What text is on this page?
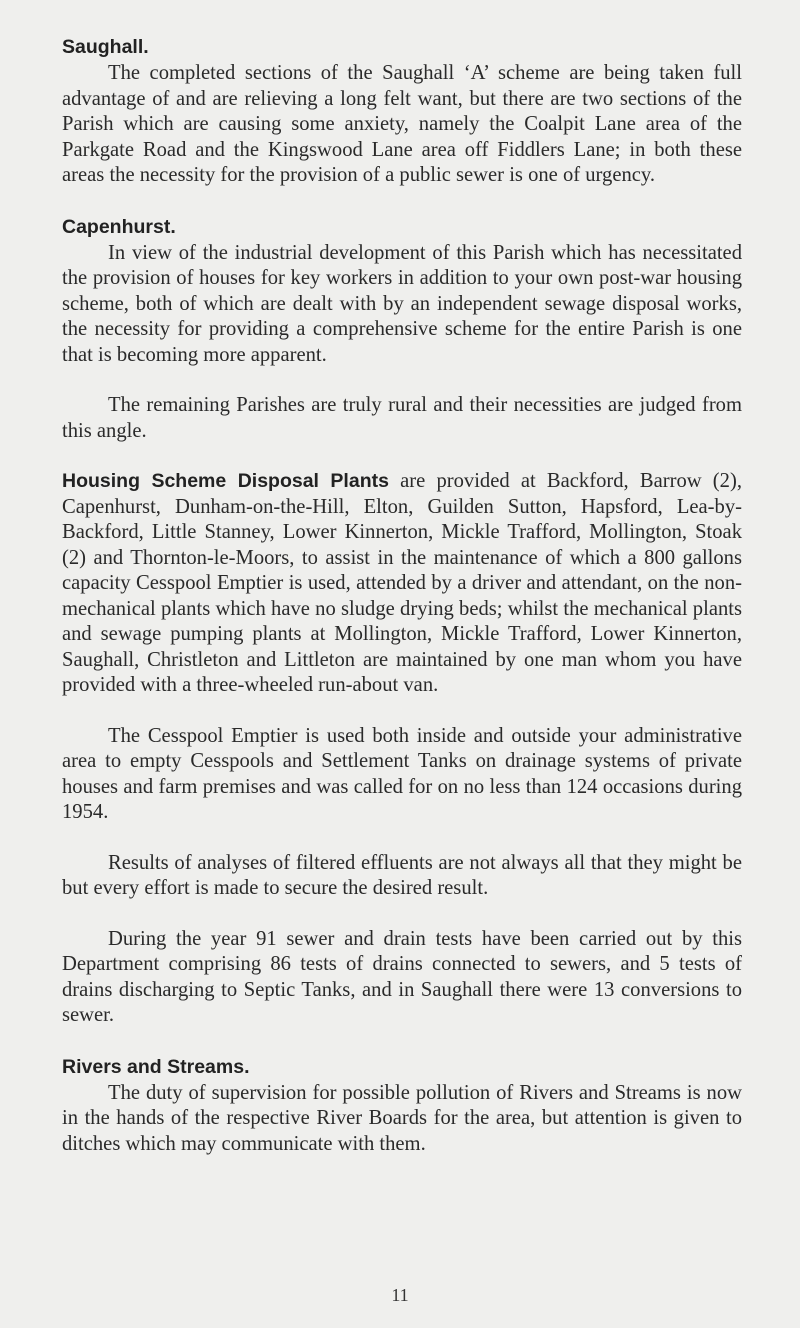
Saughall.

The completed sections of the Saughall ‘A’ scheme are being taken full advantage of and are relieving a long felt want, but there are two sections of the Parish which are causing some anxiety, namely the Coalpit Lane area of the Parkgate Road and the Kingswood Lane area off Fiddlers Lane; in both these areas the necessity for the provision of a public sewer is one of urgency.

Capenhurst.

In view of the industrial development of this Parish which has necessitated the provision of houses for key workers in addition to your own post-war housing scheme, both of which are dealt with by an independent sewage disposal works, the necessity for providing a comprehensive scheme for the entire Parish is one that is becoming more apparent.

The remaining Parishes are truly rural and their necessities are judged from this angle.

Housing Scheme Disposal Plants are provided at Backford, Barrow (2), Capenhurst, Dunham-on-the-Hill, Elton, Guilden Sutton, Hapsford, Lea-by-Backford, Little Stanney, Lower Kinnerton, Mickle Trafford, Mollington, Stoak (2) and Thornton-le-Moors, to assist in the maintenance of which a 800 gallons capacity Cesspool Emptier is used, attended by a driver and attendant, on the non-mechanical plants which have no sludge drying beds; whilst the mechanical plants and sewage pumping plants at Mollington, Mickle Trafford, Lower Kinnerton, Saughall, Christleton and Littleton are maintained by one man whom you have provided with a three-wheeled run-about van.

The Cesspool Emptier is used both inside and outside your administrative area to empty Cesspools and Settlement Tanks on drainage systems of private houses and farm premises and was called for on no less than 124 occasions during 1954.

Results of analyses of filtered effluents are not always all that they might be but every effort is made to secure the desired result.

During the year 91 sewer and drain tests have been carried out by this Department comprising 86 tests of drains connected to sewers, and 5 tests of drains discharging to Septic Tanks, and in Saughall there were 13 conversions to sewer.

Rivers and Streams.

The duty of supervision for possible pollution of Rivers and Streams is now in the hands of the respective River Boards for the area, but attention is given to ditches which may communicate with them.

11
